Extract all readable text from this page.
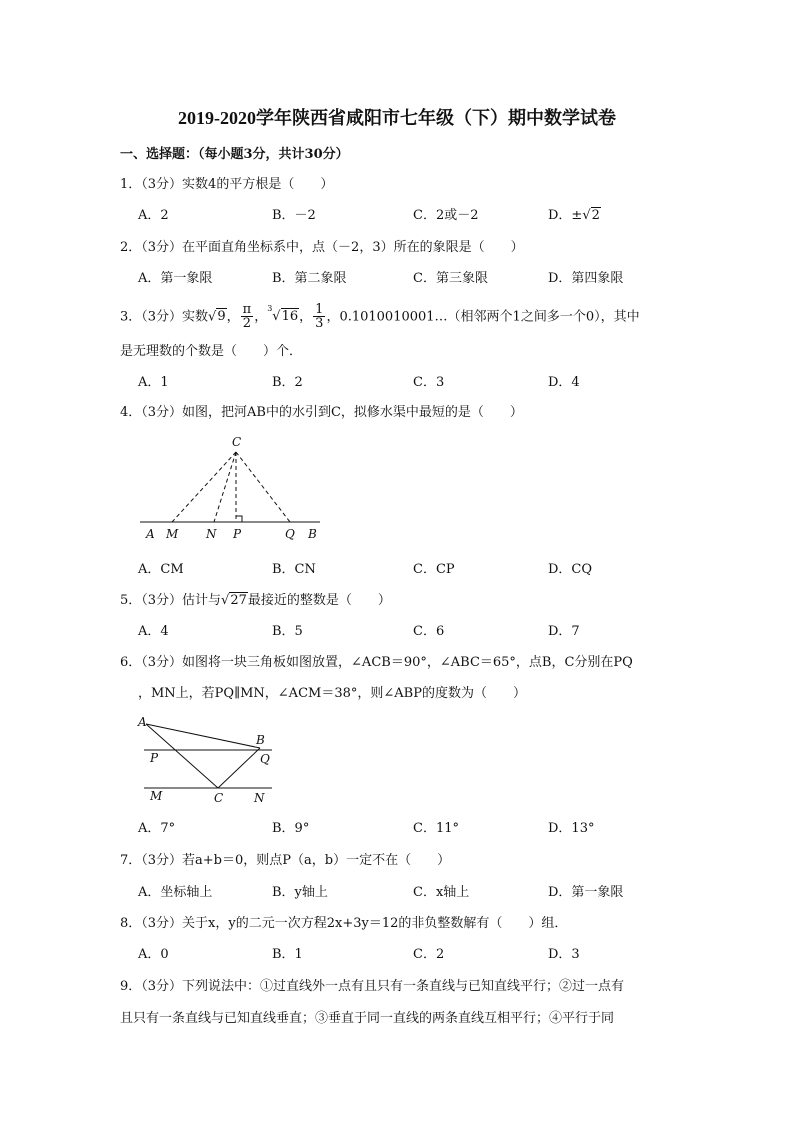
2019-2020学年陕西省咸阳市七年级（下）期中数学试卷
一、选择题：（每小题3分，共计30分）
1．（3分）实数4的平方根是（　　）
A．2	B．－2	C．2或－2	D．±√2
2．（3分）在平面直角坐标系中，点（－2，3）所在的象限是（　　）
A．第一象限	B．第二象限	C．第三象限	D．第四象限
3．（3分）实数√9， $\frac{\pi}{2}$ ，$^3$√16， $\frac{1}{3}$ ，0.1010010001…（相邻两个1之间多一个0），其中
是无理数的个数是（　　）个．
A．1	B．2	C．3	D．4
4．（3分）如图，把河AB中的水引到C，拟修水渠中最短的是（　　）
C
A M N P	Q B
A．CM	B．CN	C．CP	D．CQ
5．（3分）估计与√27最接近的整数是（　　）
A．4	B．5	C．6	D．7
6．（3分）如图将一块三角板如图放置，∠ACB＝90°，∠ABC＝65°，点B，C分别在PQ
，MN上，若PQ∥MN，∠ACM＝38°，则∠ABP的度数为（　　）
A
B
P	Q
M	C	N
A．7°	B．9°	C．11°	D．13°
7．（3分）若a+b＝0，则点P（a，b）一定不在（　　）
A．坐标轴上	B．y轴上	C．x轴上	D．第一象限
8．（3分）关于x，y的二元一次方程2x+3y＝12的非负整数解有（　　）组．
A．0	B．1	C．2	D．3
9．（3分）下列说法中：①过直线外一点有且只有一条直线与已知直线平行；②过一点有
且只有一条直线与已知直线垂直；③垂直于同一直线的两条直线互相平行；④平行于同
